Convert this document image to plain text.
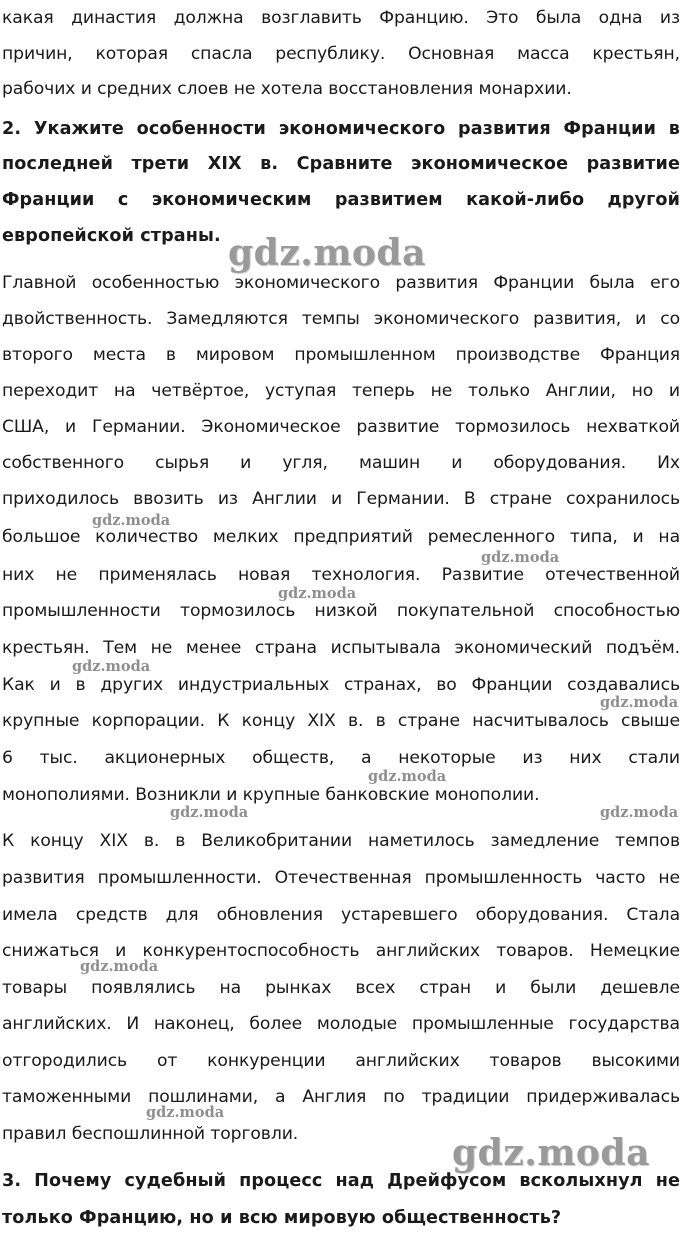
какая династия должна возглавить Францию. Это была одна из
причин, которая спасла республику. Основная масса крестьян,
рабочих и средних слоев не хотела восстановления монархии.
2. Укажите особенности экономического развития Франции в
последней трети XIX в. Сравните экономическое развитие
Франции с экономическим развитием какой-либо другой
европейской страны.
Главной особенностью экономического развития Франции была его
двойственность. Замедляются темпы экономического развития, и со
второго места в мировом промышленном производстве Франция
переходит на четвёртое, уступая теперь не только Англии, но и
США, и Германии. Экономическое развитие тормозилось нехваткой
собственного сырья и угля, машин и оборудования. Их
приходилось ввозить из Англии и Германии. В стране сохранилось
большое количество мелких предприятий ремесленного типа, и на
них не применялась новая технология. Развитие отечественной
промышленности тормозилось низкой покупательной способностью
крестьян. Тем не менее страна испытывала экономический подъём.
Как и в других индустриальных странах, во Франции создавались
крупные корпорации. К концу XIX в. в стране насчитывалось свыше
6 тыс. акционерных обществ, а некоторые из них стали
монополиями. Возникли и крупные банковские монополии.
К концу XIX в. в Великобритании наметилось замедление темпов
развития промышленности. Отечественная промышленность часто не
имела средств для обновления устаревшего оборудования. Стала
снижаться и конкурентоспособность английских товаров. Немецкие
товары появлялись на рынках всех стран и были дешевле
английских. И наконец, более молодые промышленные государства
отгородились от конкуренции английских товаров высокими
таможенными пошлинами, а Англия по традиции придерживалась
правил беспошлинной торговли.
3. Почему судебный процесс над Дрейфусом всколыхнул не
только Францию, но и всю мировую общественность?
gdz.moda
gdz.moda
gdz.moda
gdz.moda
gdz.moda
gdz.moda
gdz.moda
gdz.moda
gdz.moda	gdz.moda
gdz.moda
gdz.moda
